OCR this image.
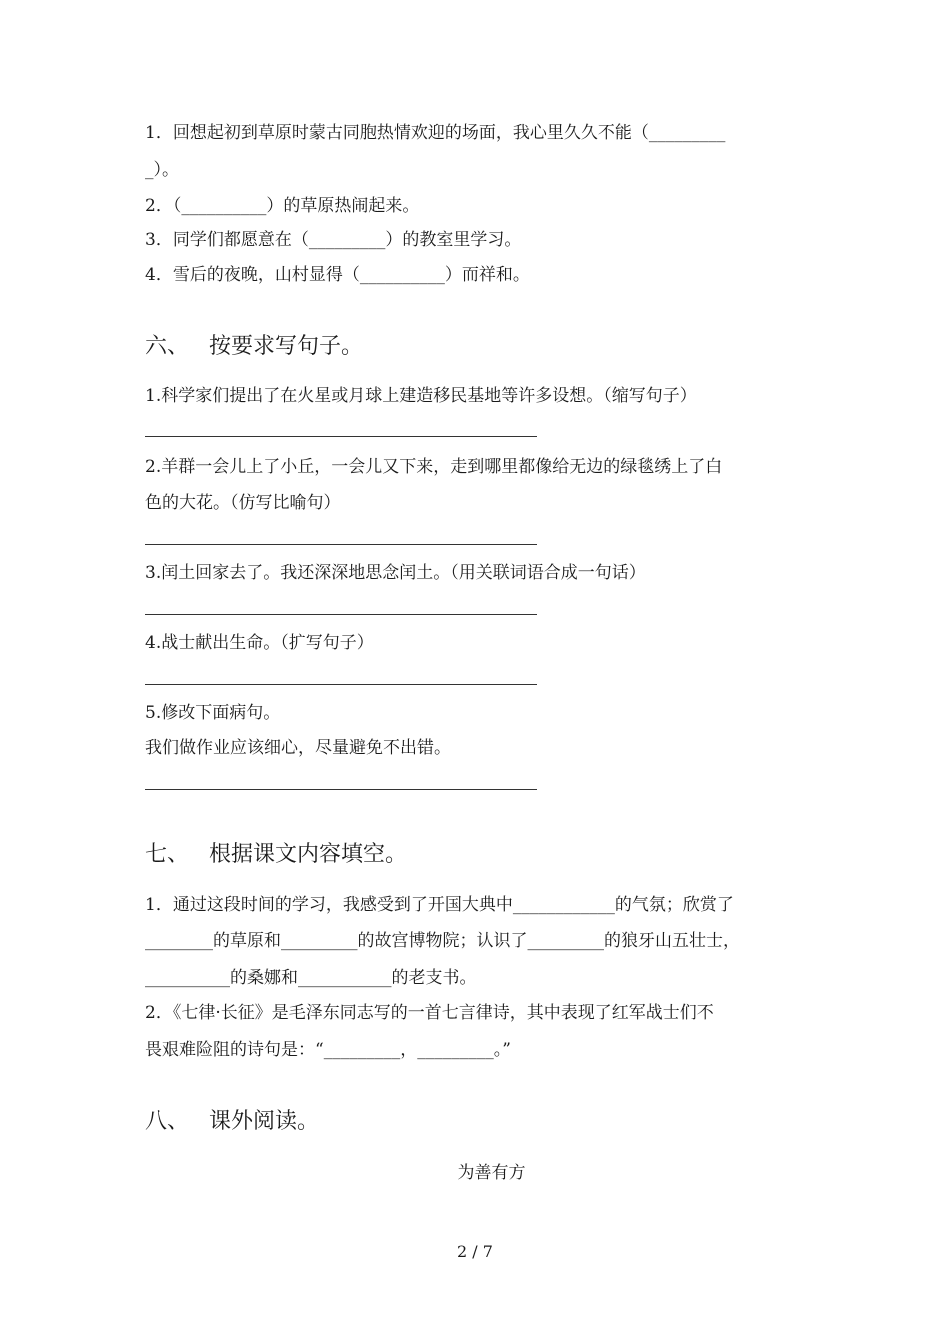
1．回想起初到草原时蒙古同胞热情欢迎的场面，我心里久久不能（_________
_）。
2．（__________）的草原热闹起来。
3．同学们都愿意在（_________）的教室里学习。
4．雪后的夜晚，山村显得（__________）而祥和。
六、 按要求写句子。
1.科学家们提出了在火星或月球上建造移民基地等许多设想。（缩写句子）
2.羊群一会儿上了小丘，一会儿又下来，走到哪里都像给无边的绿毯绣上了白
色的大花。（仿写比喻句）
3.闰土回家去了。我还深深地思念闰土。（用关联词语合成一句话）
4.战士献出生命。（扩写句子）
5.修改下面病句。
我们做作业应该细心，尽量避免不出错。
七、 根据课文内容填空。
1．通过这段时间的学习，我感受到了开国大典中____________的气氛；欣赏了
________的草原和_________的故宫博物院；认识了_________的狼牙山五壮士，
__________的桑娜和___________的老支书。
2．《七律·长征》是毛泽东同志写的一首七言律诗，其中表现了红军战士们不
畏艰难险阻的诗句是：“_________，_________。”
八、 课外阅读。
为善有方
2 / 7
